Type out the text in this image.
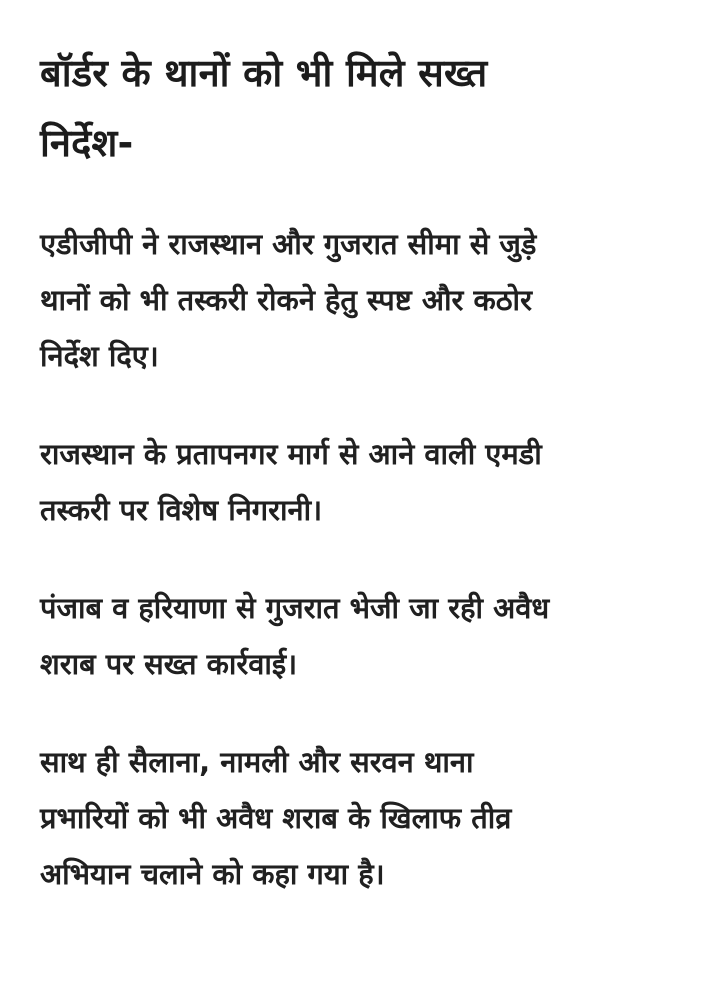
बॉर्डर के थानों को भी मिले सख्त
निर्देश-

एडीजीपी ने राजस्थान और गुजरात सीमा से जुड़े
थानों को भी तस्करी रोकने हेतु स्पष्ट और कठोर
निर्देश दिए।

राजस्थान के प्रतापनगर मार्ग से आने वाली एमडी
तस्करी पर विशेष निगरानी।

पंजाब व हरियाणा से गुजरात भेजी जा रही अवैध
शराब पर सख्त कार्रवाई।

साथ ही सैलाना, नामली और सरवन थाना
प्रभारियों को भी अवैध शराब के खिलाफ तीव्र
अभियान चलाने को कहा गया है।
